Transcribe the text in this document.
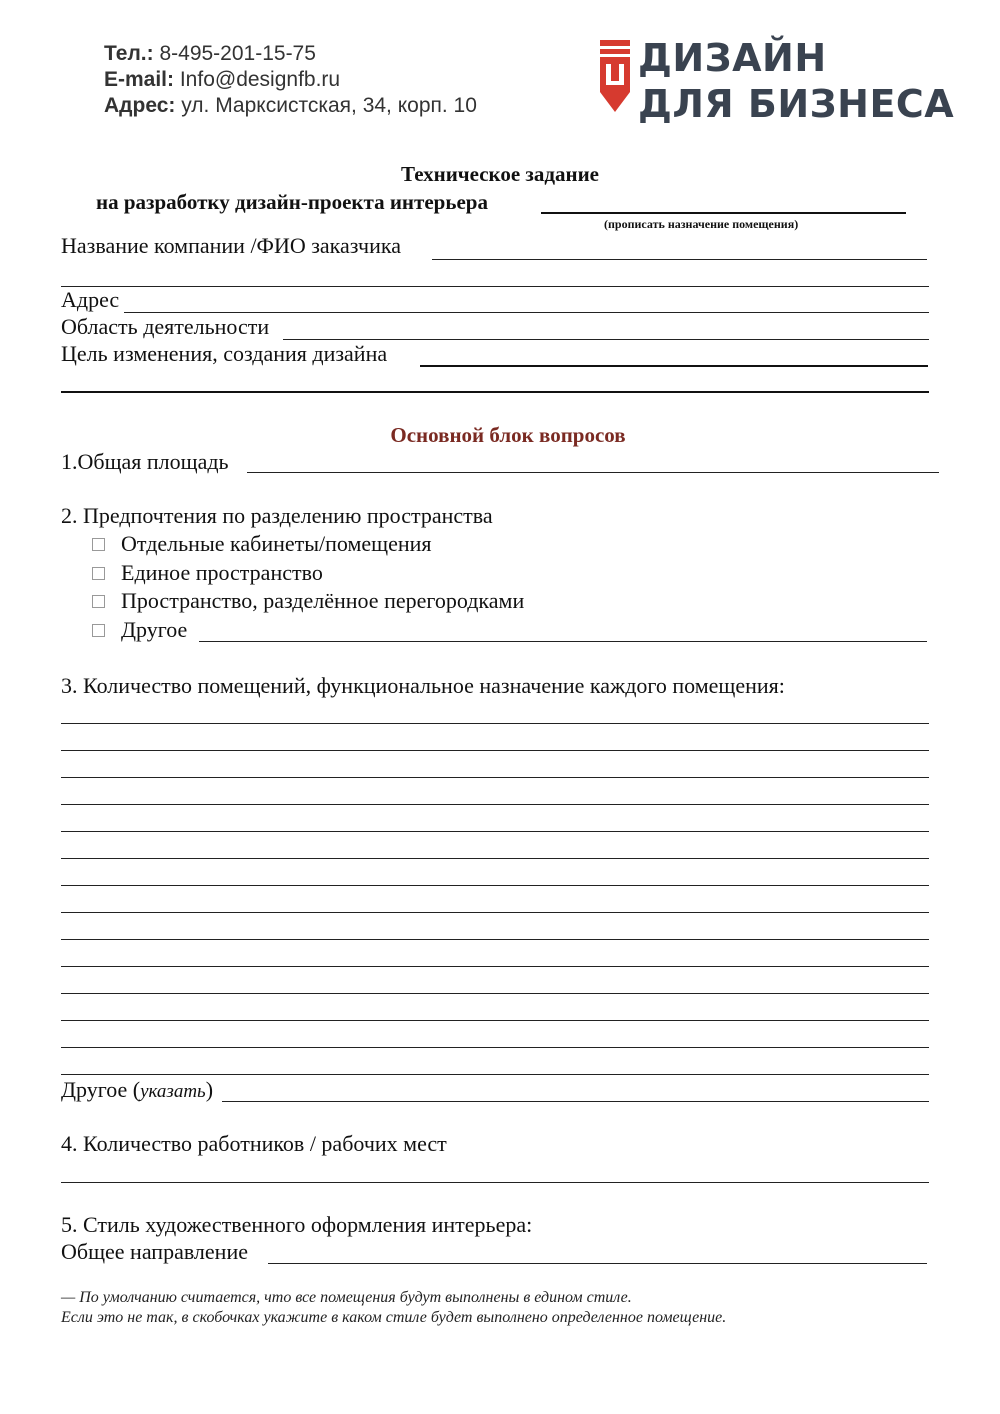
Тел.: 8-495-201-15-75
E-mail: Info@designfb.ru
Адрес: ул. Марксистская, 34, корп. 10
ДИЗАЙН
ДЛЯ БИЗНЕСА
Техническое задание
на разработку дизайн-проекта интерьера
(прописать назначение помещения)
Название компании /ФИО заказчика
Адрес
Область деятельности
Цель изменения, создания дизайна
Основной блок вопросов
1.Общая площадь
2. Предпочтения по разделению пространства
Отдельные кабинеты/помещения
Единое пространство
Пространство, разделённое перегородками
Другое
3. Количество помещений, функциональное назначение каждого помещения:
Другое (указать)
4. Количество работников / рабочих мест
5. Стиль художественного оформления интерьера:
Общее направление
— По умолчанию считается, что все помещения будут выполнены в едином стиле.
Если это не так, в скобочках укажите в каком стиле будет выполнено определенное помещение.
